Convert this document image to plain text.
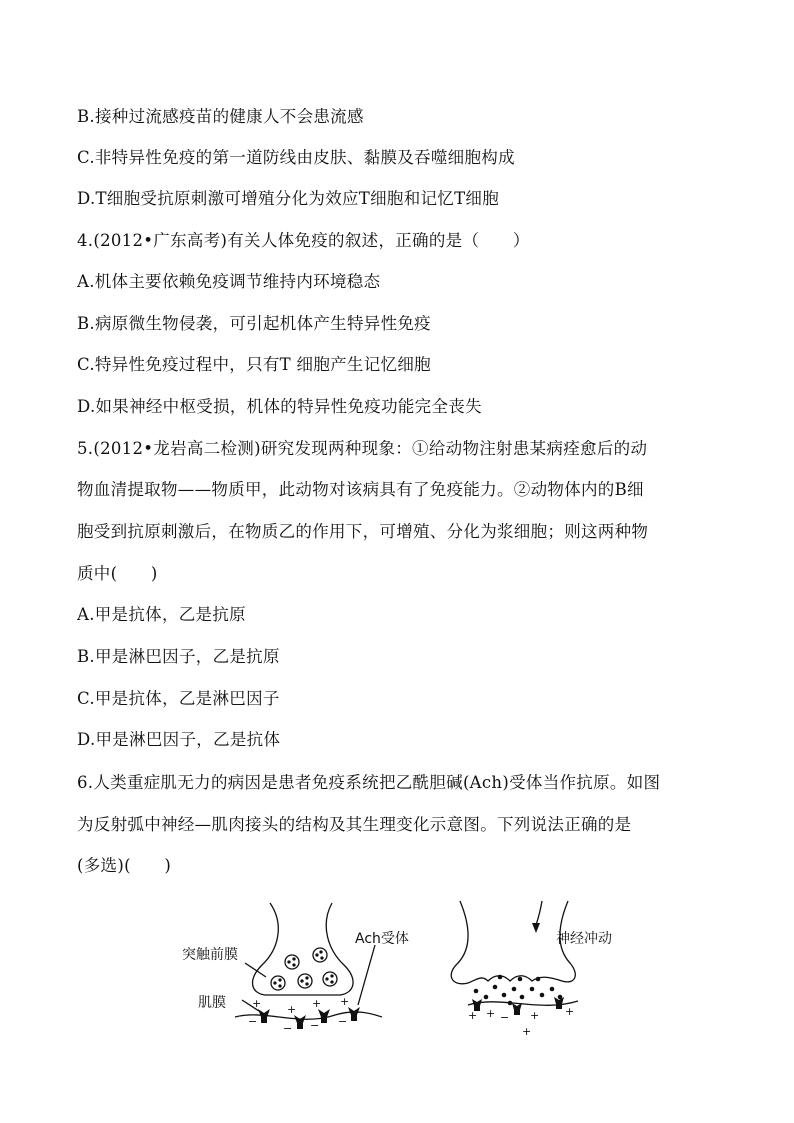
B.接种过流感疫苗的健康人不会患流感
C.非特异性免疫的第一道防线由皮肤、黏膜及吞噬细胞构成
D.T细胞受抗原刺激可增殖分化为效应T细胞和记忆T细胞
4.(2012•广东高考)有关人体免疫的叙述，正确的是（　　）
A.机体主要依赖免疫调节维持内环境稳态
B.病原微生物侵袭，可引起机体产生特异性免疫
C.特异性免疫过程中，只有T 细胞产生记忆细胞
D.如果神经中枢受损，机体的特异性免疫功能完全丧失
5.(2012•龙岩高二检测)研究发现两种现象：①给动物注射患某病痊愈后的动
物血清提取物——物质甲，此动物对该病具有了免疫能力。②动物体内的B细
胞受到抗原刺激后，在物质乙的作用下，可增殖、分化为浆细胞；则这两种物
质中(　　)
A.甲是抗体，乙是抗原
B.甲是淋巴因子，乙是抗原
C.甲是抗体，乙是淋巴因子
D.甲是淋巴因子，乙是抗体
6.人类重症肌无力的病因是患者免疫系统把乙酰胆碱(Ach)受体当作抗原。如图
为反射弧中神经—肌肉接头的结构及其生理变化示意图。下列说法正确的是
(多选)(　　)
+
−
+
−
+
−
+
−	+ + −
+
+ +
突触前膜
Ach受体
肌膜
神经冲动
